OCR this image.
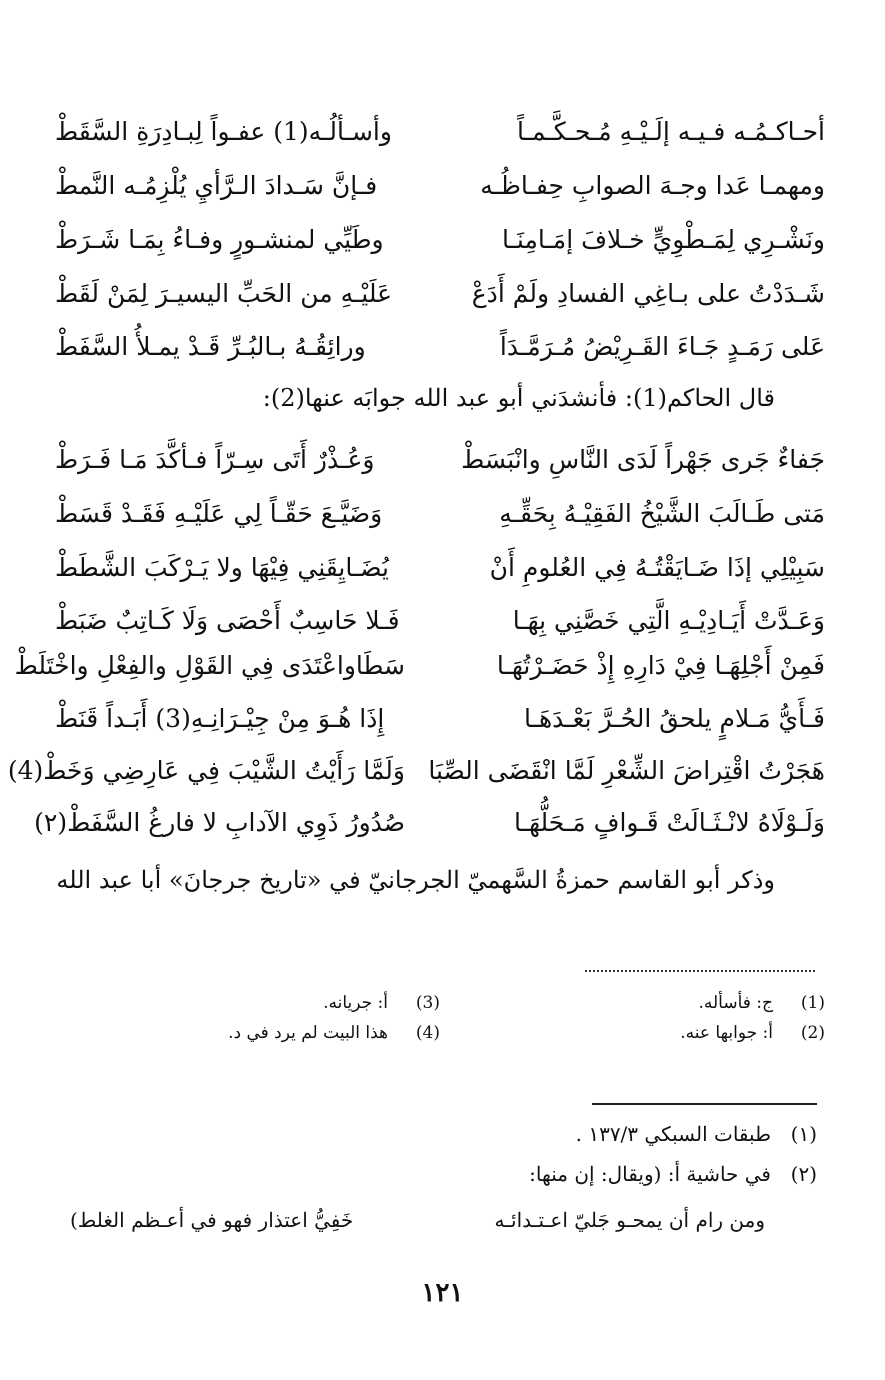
أحـاكـمُـه فـيـه إلَـيْـهِ مُـحـكَّـمـاً
وأسـألُـه(1) عفـواً لِبـادِرَةِ السَّقَطْ
ومهمـا عَدا وجـهَ الصوابِ حِفـاظُـه
فـإنَّ سَـدادَ الـرَّأيِ يُلْزِمُـه النَّمطْ
ونَشْـرِي لِمَـطْوِيٍّ خـلافَ إمَـامِنَـا
وطَيِّي لمنشـورٍ وفـاءُ بِمَـا شَـرَطْ
شَـدَدْتُ على بـاغِي الفسادِ ولَمْ أَدَعْ
عَلَيْـهِ من الحَبِّ اليسيـرَ لِمَنْ لَقَطْ
عَلى رَمَـدٍ جَـاءَ القَـرِيْضُ مُـرَمَّـدَاً
ورائِقُـهُ بـالبُـرِّ قَـدْ يمـلأُ السَّفَطْ
قال الحاكم(1): فأنشدَني أبو عبد الله جوابَه عنها(2):
جَفاءٌ جَرى جَهْراً لَدَى النَّاسِ وانْبَسَطْ
وَعُـذْرٌ أَتَى سِـرّاً فـأكَّدَ مَـا فَـرَطْ
مَتى طَـالَبَ الشَّيْخُ الفَقِيْـهُ بِحَقِّـهِ
وَضَيَّـعَ حَقّـاً لِي عَلَيْـهِ فَقَـدْ قَسَطْ
سَبِيْلِي إذَا ضَـايَقْتُـهُ فِي العُلومِ أَنْ
يُضَـايِقَنِي فِيْهَا ولا يَـرْكَبَ الشَّطَطْ
وَعَـدَّتْ أَيَـادِيْـهِ الَّتِي خَصَّنِي بِهَـا
فَـلا حَاسِبٌ أَحْصَى وَلَا كَـاتِبٌ ضَبَطْ
فَمِنْ أَجْلِهَـا فِيْ دَارِهِ إِذْ حَضَـرْتُهَـا
سَطَاواعْتَدَى فِي القَوْلِ والفِعْلِ واخْتَلَطْ
فَـأَيُّ مَـلامٍ يلحقُ الحُـرَّ بَعْـدَهَـا
إِذَا هُـوَ مِنْ جِيْـرَانِـهِ(3) أَبَـداً قَنَطْ
هَجَرْتُ اقْتِراضَ الشِّعْرِ لَمَّا انْقَضَى الصِّبَا
وَلَمَّا رَأَيْتُ الشَّيْبَ فِي عَارِضِي وَخَطْ(4)
وَلَـوْلَاهُ لانْـثَـالَتْ قَـوافٍ مَـحَلُّهَـا
صُدُورُ ذَوِي الآدابِ لا فارغُ السَّفَطْ(٢)
وذكر أبو القاسم حمزةُ السَّهميّ الجرجانيّ في «تاريخ جرجانَ» أبا عبد الله
(1)
ج: فأسأله.
(3)
أ: جريانه.
(2)
أ: جوابها عنه.
(4)
هذا البيت لم يرد في د.
(١)طبقات السبكي ١٣٧/٣ .
(٢)في حاشية أ: (ويقال: إن منها:
ومن رام أن يمحـو جَليّ اعـتـدائـه
خَفِيُّ اعتذار فهو في أعـظم الغلط)
١٢١
